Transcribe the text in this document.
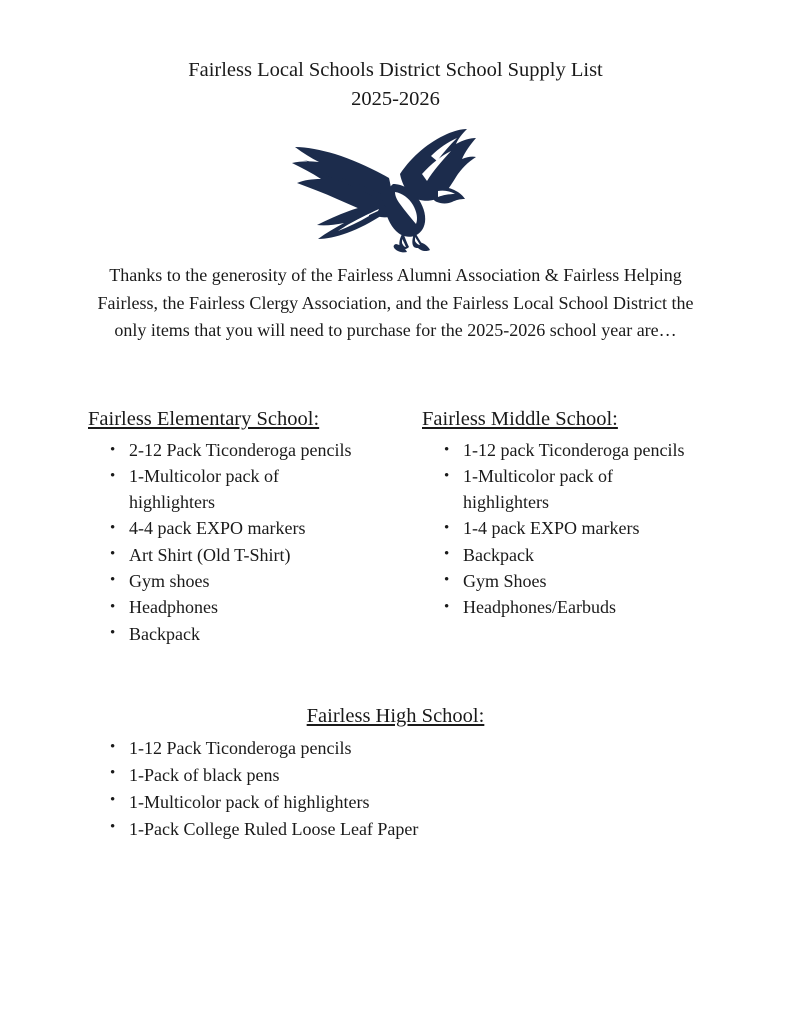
Fairless Local Schools District School Supply List
2025-2026
Thanks to the generosity of the Fairless Alumni Association & Fairless Helping Fairless, the Fairless Clergy Association, and the Fairless Local School District the only items that you will need to purchase for the 2025-2026 school year are…
Fairless Elementary School:
• 2-12 Pack Ticonderoga pencils
• 1-Multicolor pack of highlighters
• 4-4 pack EXPO markers
• Art Shirt (Old T-Shirt)
• Gym shoes
• Headphones
• Backpack
Fairless Middle School:
• 1-12 pack Ticonderoga pencils
• 1-Multicolor pack of highlighters
• 1-4 pack EXPO markers
• Backpack
• Gym Shoes
• Headphones/Earbuds
Fairless High School:
• 1-12 Pack Ticonderoga pencils
• 1-Pack of black pens
• 1-Multicolor pack of highlighters
• 1-Pack College Ruled Loose Leaf Paper
